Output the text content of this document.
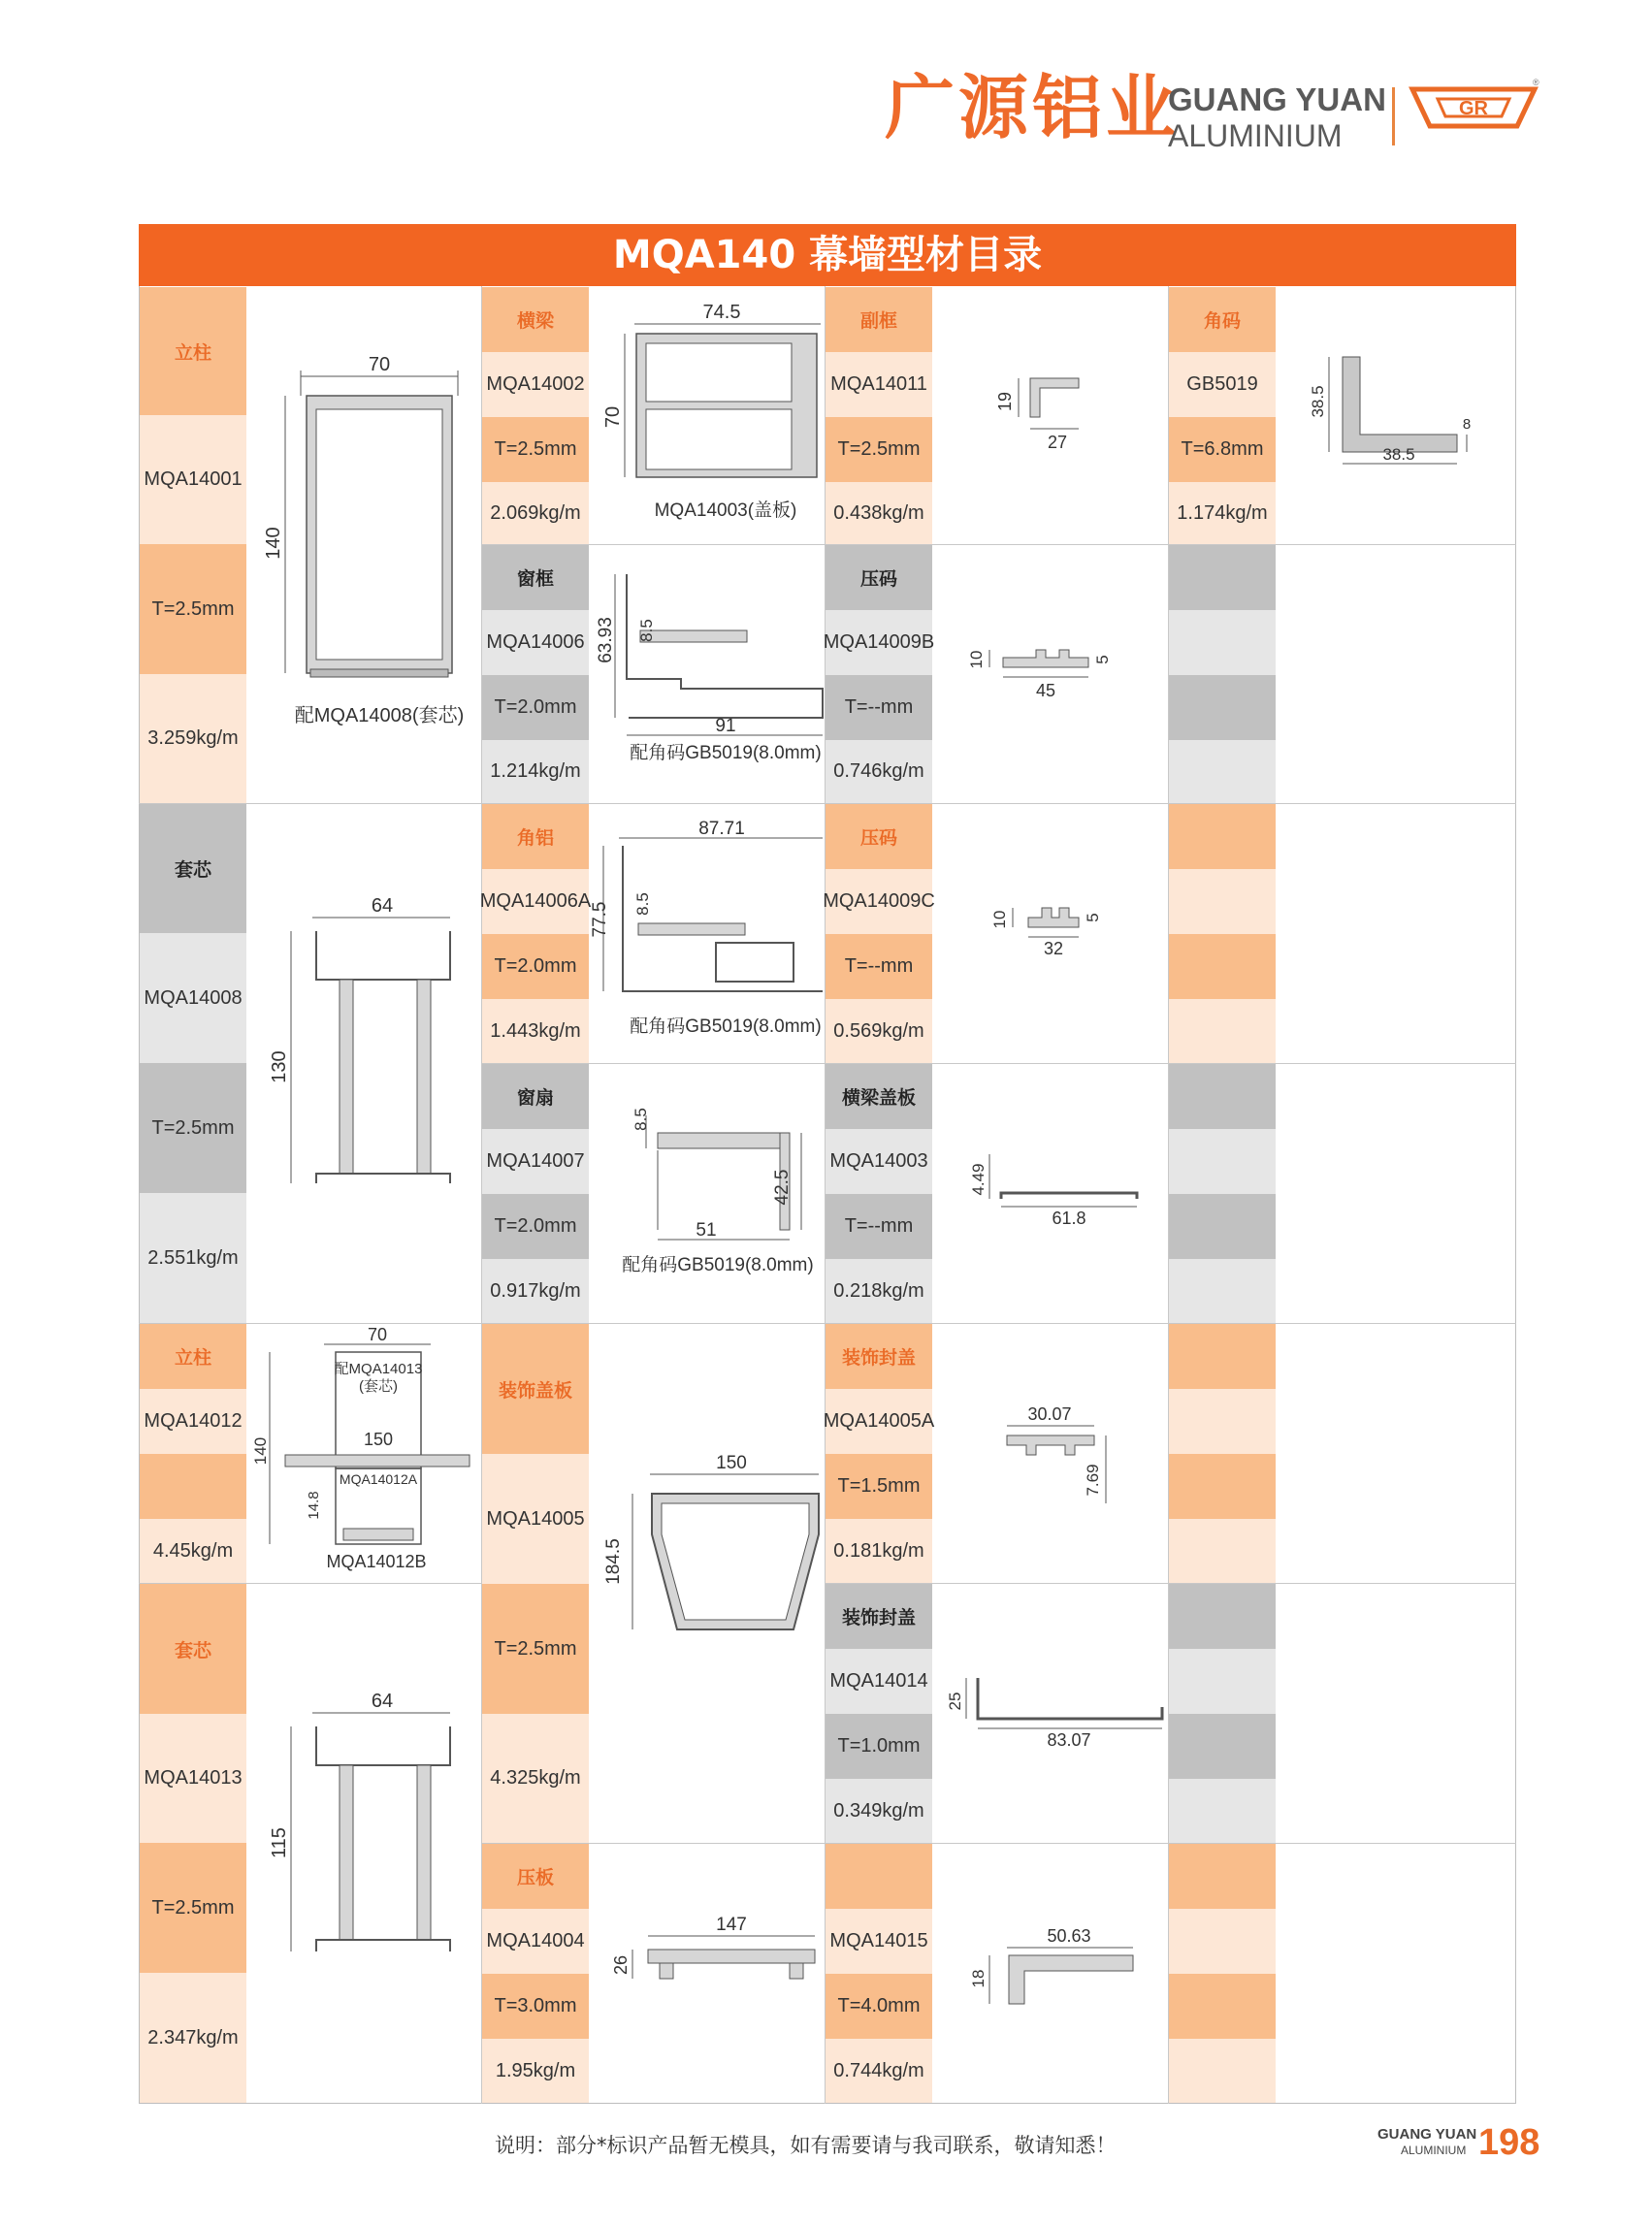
广源铝业
GUANG YUAN
ALUMINIUM
GR
®
MQA140 幕墙型材目录
立柱
MQA14001
T=2.5mm
3.259kg/m
套芯
MQA14008
T=2.5mm
2.551kg/m
立柱
MQA14012
4.45kg/m
套芯
MQA14013
T=2.5mm
2.347kg/m
横梁
MQA14002
T=2.5mm
2.069kg/m
窗框
MQA14006
T=2.0mm
1.214kg/m
角铝
MQA14006A
T=2.0mm
1.443kg/m
窗扇
MQA14007
T=2.0mm
0.917kg/m
装饰盖板
MQA14005
T=2.5mm
4.325kg/m
压板
MQA14004
T=3.0mm
1.95kg/m
副框
MQA14011
T=2.5mm
0.438kg/m
压码
MQA14009B
T=--mm
0.746kg/m
压码
MQA14009C
T=--mm
0.569kg/m
横梁盖板
MQA14003
T=--mm
0.218kg/m
装饰封盖
MQA14005A
T=1.5mm
0.181kg/m
装饰封盖
MQA14014
T=1.0mm
0.349kg/m
MQA14015
T=4.0mm
0.744kg/m
角码
GB5019
T=6.8mm
1.174kg/m
70
140
配MQA14008(套芯)
64
130
70
配MQA14013
(套芯)
150
MQA14012A
140
14.8
MQA14012B
64
115
74.5
70
MQA14003(盖板)
8.5
63.93
91
配角码GB5019(8.0mm)
87.71
8.5
77.5
配角码GB5019(8.0mm)
8.5
42.5
51
配角码GB5019(8.0mm)
150
184.5
147
26
19
27
10	5
45
10	5
32
4.49
61.8
30.07
7.69
25
83.07
50.63
18
38.5
38.5
8
说明：部分*标识产品暂无模具，如有需要请与我司联系，敬请知悉！	GUANG YUAN
ALUMINIUM 198
